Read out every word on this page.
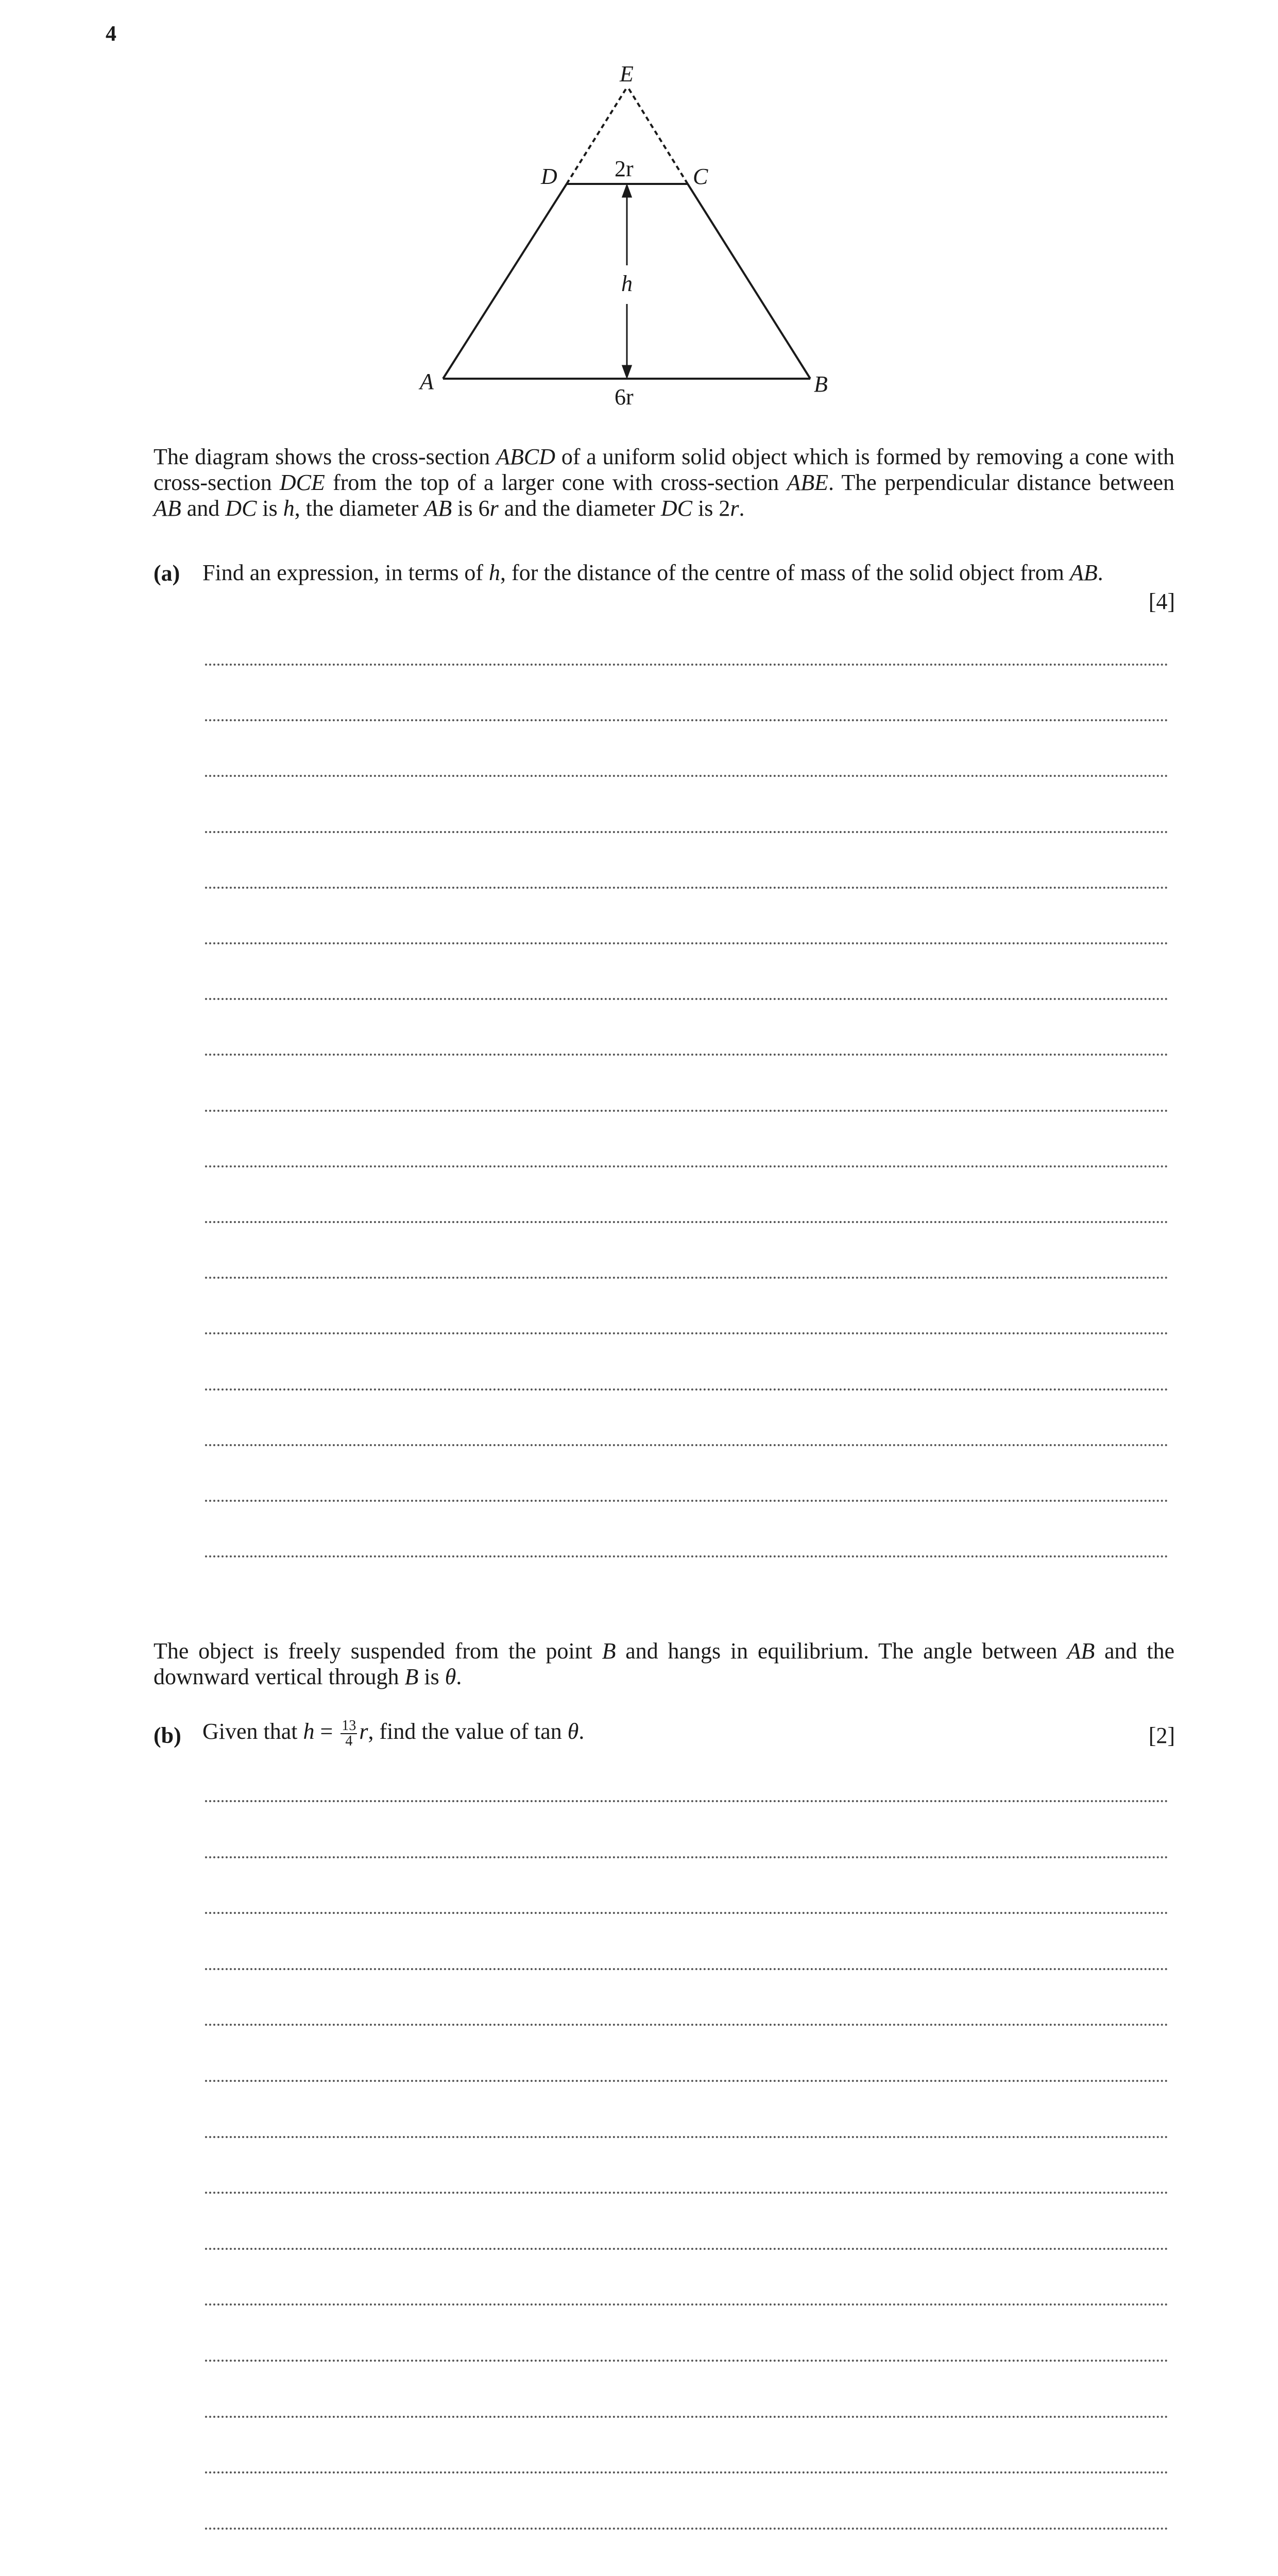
4
E
D	C
A	B
2r
h
6r

The diagram shows the cross-section ABCD of a uniform solid object which is formed by removing a cone with cross-section DCE from the top of a larger cone with cross-section ABE. The perpendicular distance between AB and DC is h, the diameter AB is 6r and the diameter DC is 2r.

(a) Find an expression, in terms of h, for the distance of the centre of mass of the solid object from AB.
[4]

The object is freely suspended from the point B and hangs in equilibrium. The angle between AB and the downward vertical through B is θ.

(b) Given that $h = \frac{13}{4} r$, find the value of tan θ.	[2]
